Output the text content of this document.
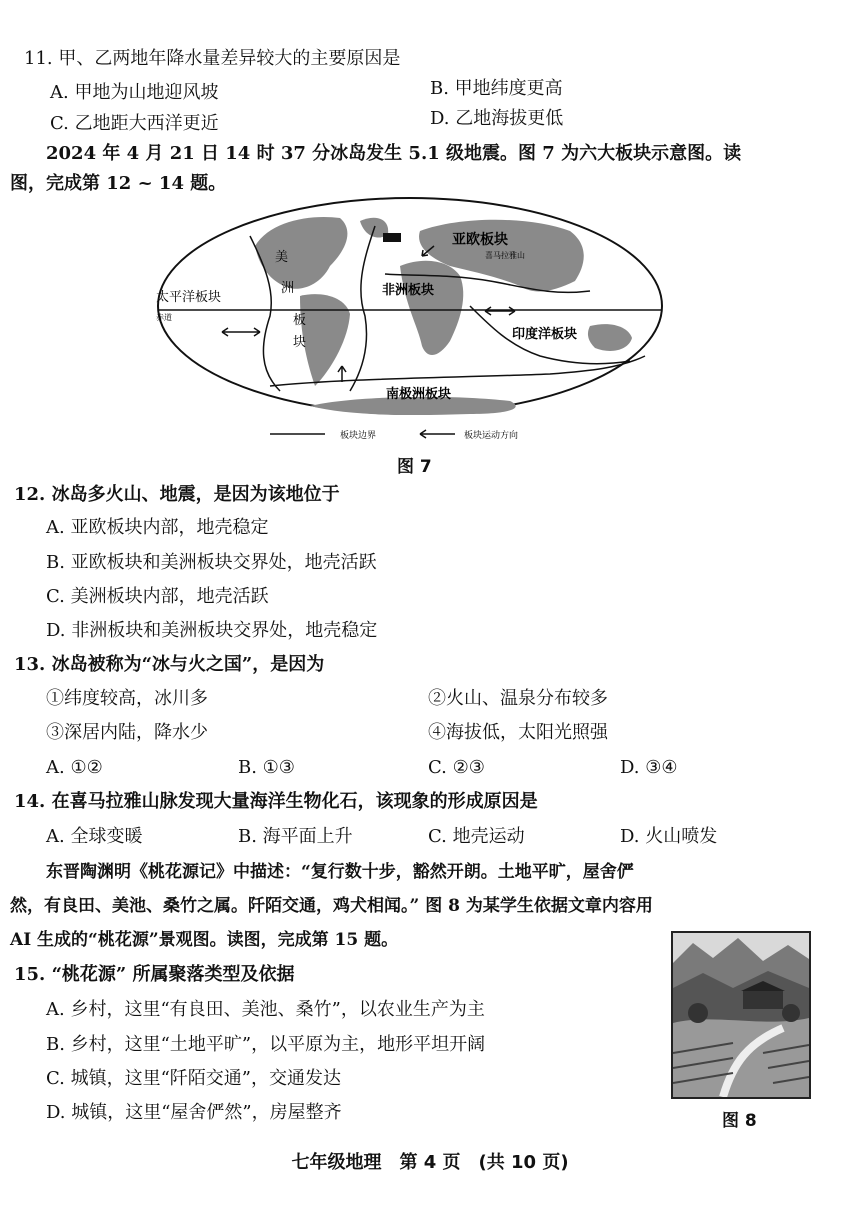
11. 甲、乙两地年降水量差异较大的主要原因是
A. 甲地为山地迎风坡	B. 甲地纬度更高
C. 乙地距大西洋更近	D. 乙地海拔更低
2024 年 4 月 21 日 14 时 37 分冰岛发生 5.1 级地震。图 7 为六大板块示意图。读
图，完成第 12 ~ 14 题。
亚欧板块
喜马拉雅山
美
洲
板
块
太平洋板块
赤道
非洲板块
印度洋板块
南极洲板块
板块边界	板块运动方向
图 7
12. 冰岛多火山、地震，是因为该地位于
A. 亚欧板块内部，地壳稳定
B. 亚欧板块和美洲板块交界处，地壳活跃
C. 美洲板块内部，地壳活跃
D. 非洲板块和美洲板块交界处，地壳稳定
13. 冰岛被称为“冰与火之国”，是因为
①纬度较高，冰川多	②火山、温泉分布较多
③深居内陆，降水少	④海拔低，太阳光照强
A. ①②	B. ①③	C. ②③	D. ③④
14. 在喜马拉雅山脉发现大量海洋生物化石，该现象的形成原因是
A. 全球变暖	B. 海平面上升	C. 地壳运动	D. 火山喷发
东晋陶渊明《桃花源记》中描述：“复行数十步，豁然开朗。土地平旷，屋舍俨
然，有良田、美池、桑竹之属。阡陌交通，鸡犬相闻。” 图 8 为某学生依据文章内容用
AI 生成的“桃花源”景观图。读图，完成第 15 题。
15. “桃花源” 所属聚落类型及依据
A. 乡村，这里“有良田、美池、桑竹”，以农业生产为主
B. 乡村，这里“土地平旷”，以平原为主，地形平坦开阔
C. 城镇，这里“阡陌交通”，交通发达
D. 城镇，这里“屋舍俨然”，房屋整齐	图 8
七年级地理　第 4 页　(共 10 页)
